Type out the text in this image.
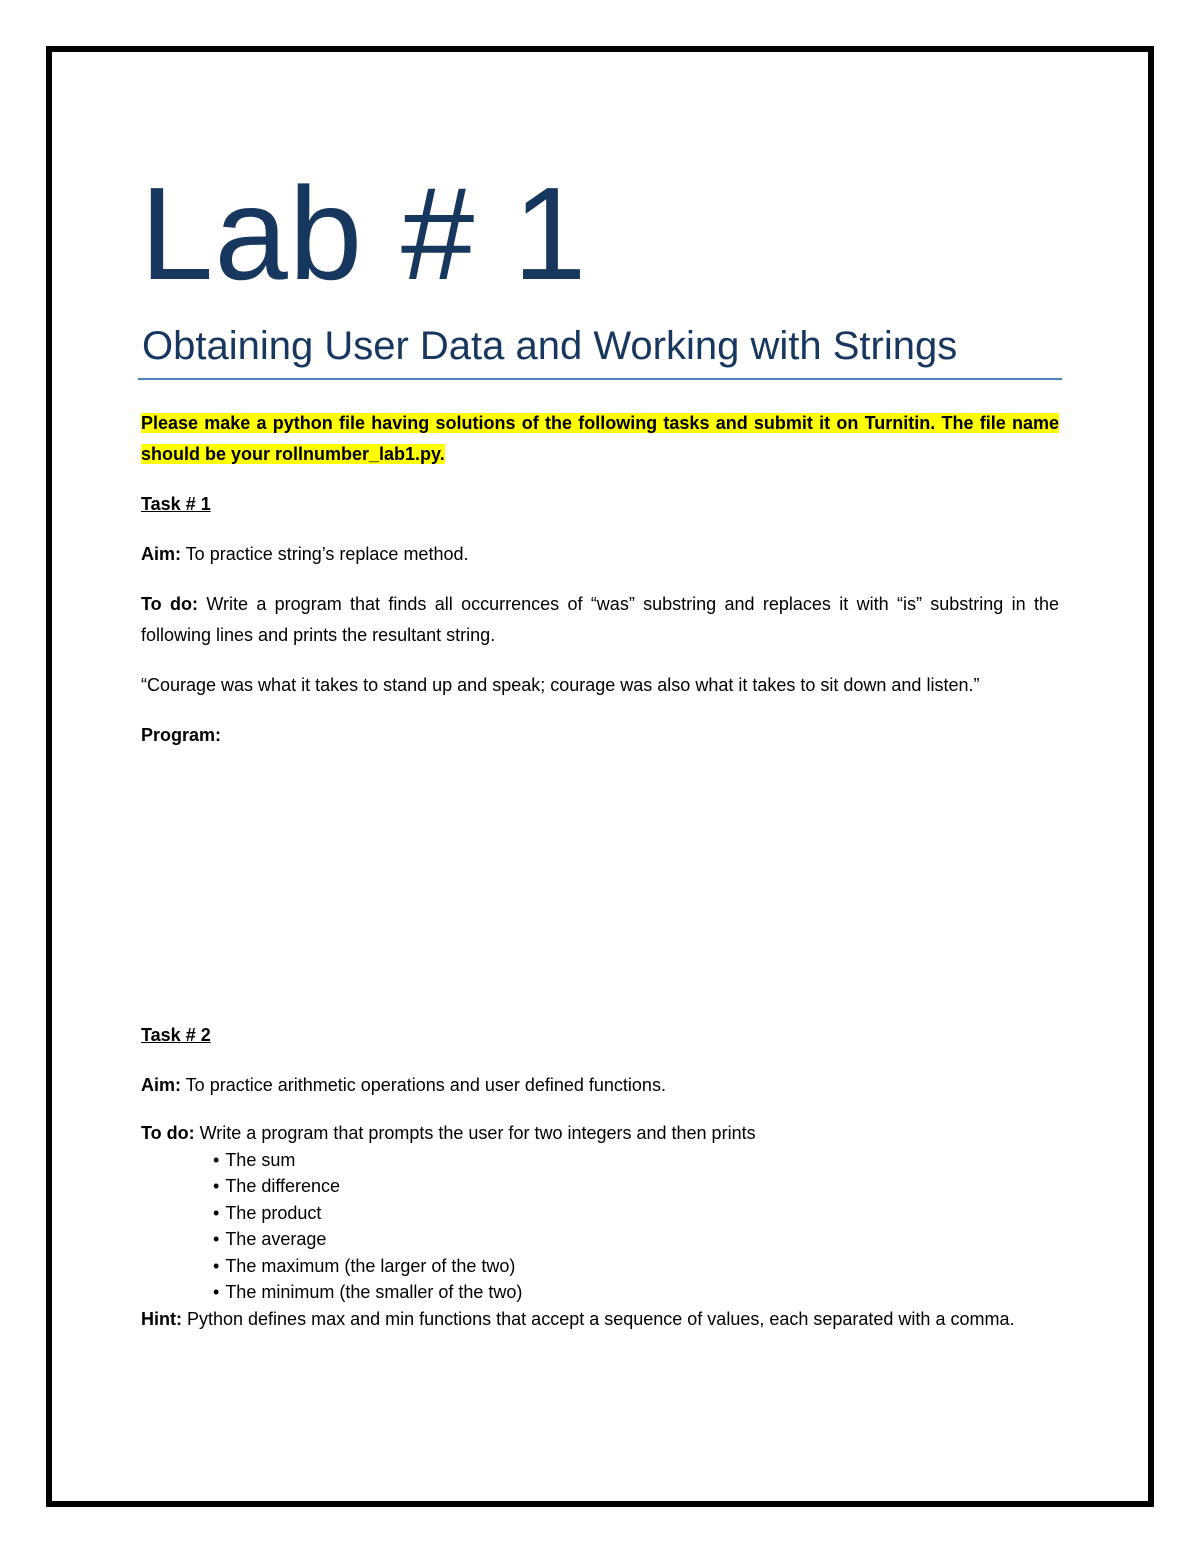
Lab # 1
Obtaining User Data and Working with Strings

Please make a python file having solutions of the following tasks and submit it on Turnitin. The file name should be your rollnumber_lab1.py.

Task # 1

Aim: To practice string’s replace method.

To do: Write a program that finds all occurrences of “was” substring and replaces it with “is” substring in the following lines and prints the resultant string.

“Courage was what it takes to stand up and speak; courage was also what it takes to sit down and listen.”

Program:

Task # 2

Aim: To practice arithmetic operations and user defined functions.

To do: Write a program that prompts the user for two integers and then prints

• The sum
• The difference
• The product
• The average
• The maximum (the larger of the two)
• The minimum (the smaller of the two)

Hint: Python defines max and min functions that accept a sequence of values, each separated with a comma.
